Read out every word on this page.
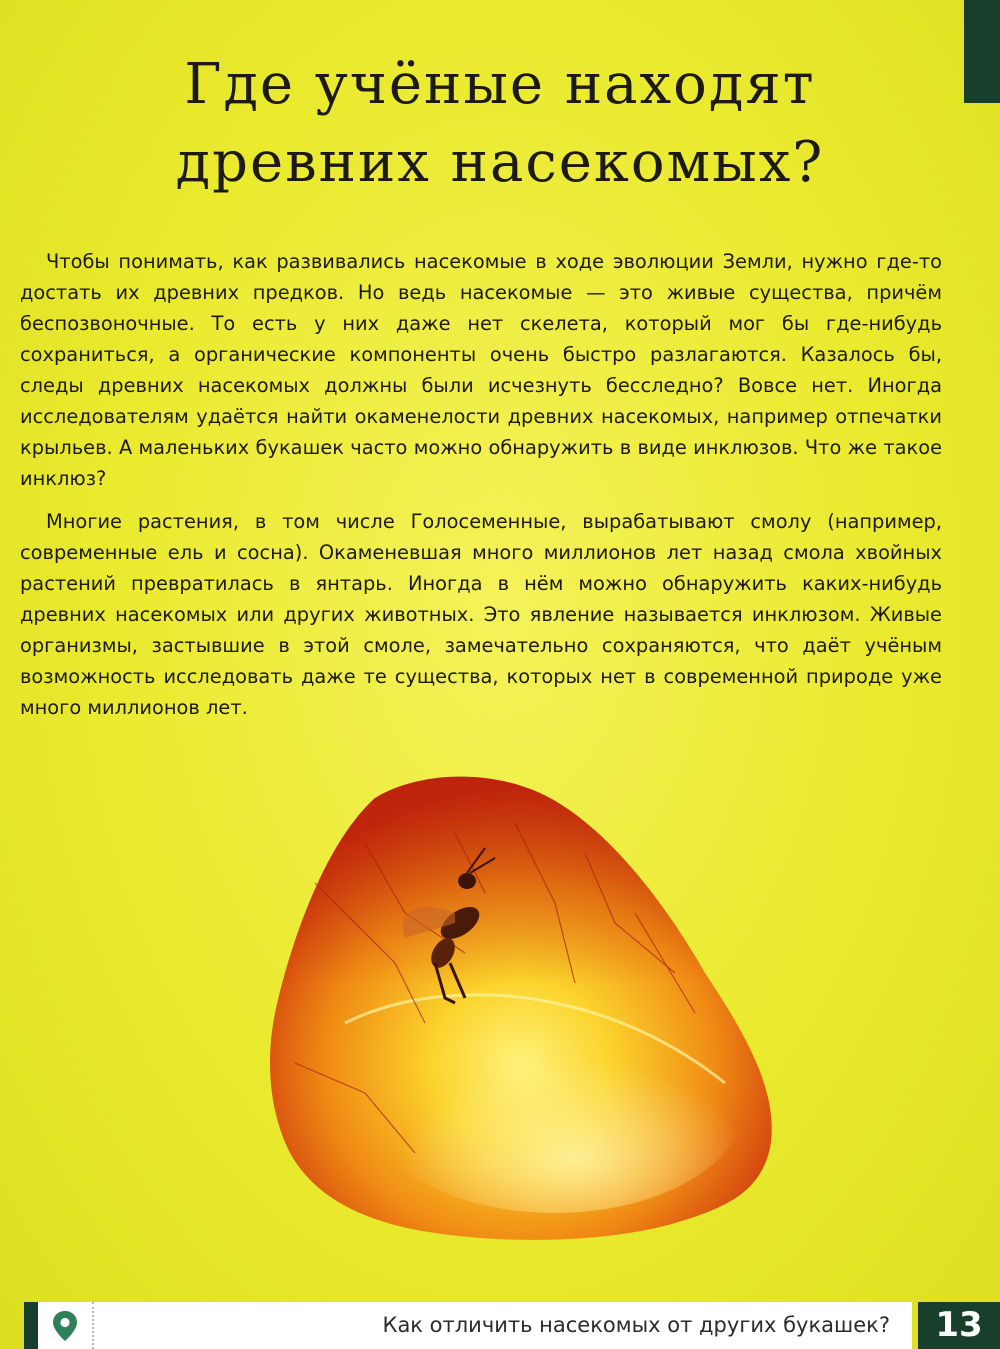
Где учёные находят
древних насекомых?

Чтобы понимать, как развивались насекомые в ходе эволюции Земли, нужно где-то достать их древних предков. Но ведь насекомые — это живые существа, причём беспозвоночные. То есть у них даже нет скелета, который мог бы где-нибудь сохраниться, а органические компоненты очень быстро разлагаются. Казалось бы, следы древних насекомых должны были исчезнуть бесследно? Вовсе нет. Иногда исследователям удаётся найти окаменелости древних насекомых, например отпечатки крыльев. А маленьких букашек часто можно обнаружить в виде инклюзов. Что же такое инклюз?

Многие растения, в том числе Голосеменные, вырабатывают смолу (например, современные ель и сосна). Окаменевшая много миллионов лет назад смола хвойных растений превратилась в янтарь. Иногда в нём можно обнаружить каких-нибудь древних насекомых или других животных. Это явление называется инклюзом. Живые организмы, застывшие в этой смоле, замечательно сохраняются, что даёт учёным возможность исследовать даже те существа, которых нет в современной природе уже много миллионов лет.

Как отличить насекомых от других букашек?	13
